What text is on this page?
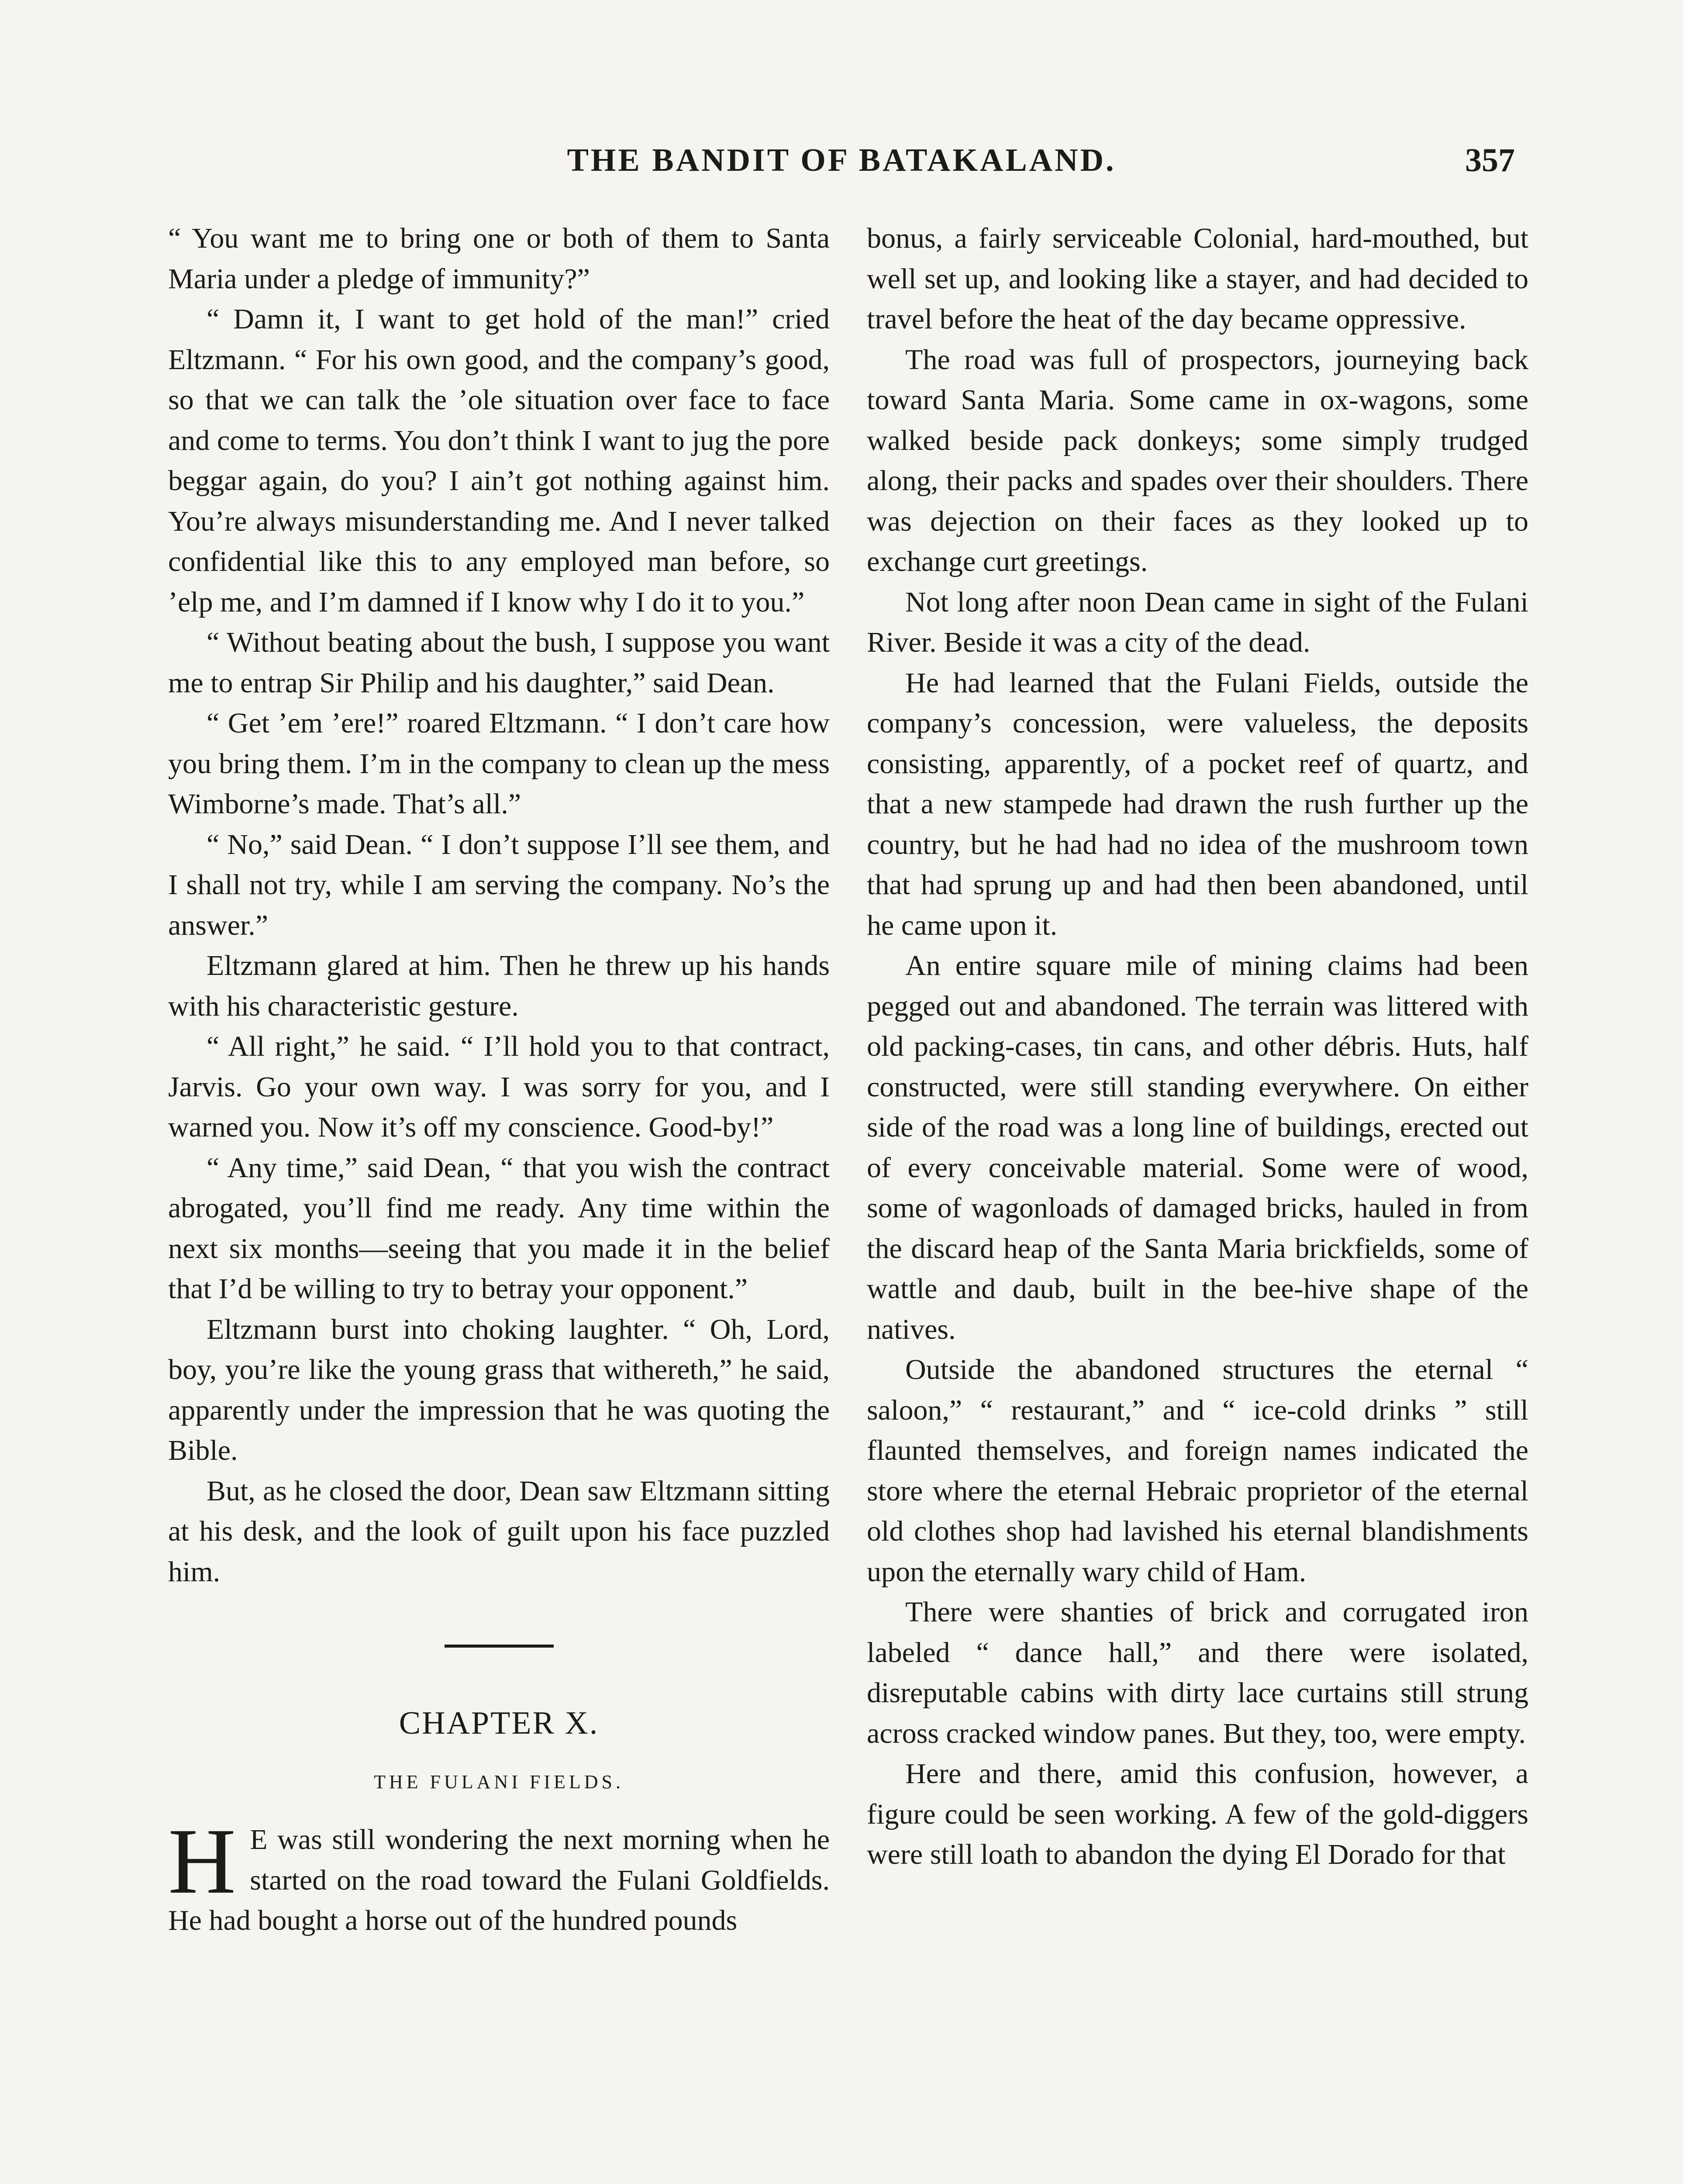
THE BANDIT OF BATAKALAND.	357

“ You want me to bring one or both of them to Santa Maria under a pledge of immunity?”

“ Damn it, I want to get hold of the man!” cried Eltzmann. “ For his own good, and the company’s good, so that we can talk the ’ole situation over face to face and come to terms. You don’t think I want to jug the pore beggar again, do you? I ain’t got nothing against him. You’re always misunderstanding me. And I never talked confidential like this to any employed man before, so ’elp me, and I’m damned if I know why I do it to you.”

“ Without beating about the bush, I suppose you want me to entrap Sir Philip and his daughter,” said Dean.

“ Get ’em ’ere!” roared Eltzmann. “ I don’t care how you bring them. I’m in the company to clean up the mess Wimborne’s made. That’s all.”

“ No,” said Dean. “ I don’t suppose I’ll see them, and I shall not try, while I am serving the company. No’s the answer.”

Eltzmann glared at him. Then he threw up his hands with his characteristic gesture.

“ All right,” he said. “ I’ll hold you to that contract, Jarvis. Go your own way. I was sorry for you, and I warned you. Now it’s off my conscience. Good-by!”

“ Any time,” said Dean, “ that you wish the contract abrogated, you’ll find me ready. Any time within the next six months—seeing that you made it in the belief that I’d be willing to try to betray your opponent.”

Eltzmann burst into choking laughter. “ Oh, Lord, boy, you’re like the young grass that withereth,” he said, apparently under the impression that he was quoting the Bible.

But, as he closed the door, Dean saw Eltzmann sitting at his desk, and the look of guilt upon his face puzzled him.

CHAPTER X.
THE FULANI FIELDS.
H E was still wondering the next morning when he started on the road toward the Fulani Goldfields. He had bought a horse out of the hundred pounds

bonus, a fairly serviceable Colonial, hard-mouthed, but well set up, and looking like a stayer, and had decided to travel before the heat of the day became oppressive.

The road was full of prospectors, journeying back toward Santa Maria. Some came in ox-wagons, some walked beside pack donkeys; some simply trudged along, their packs and spades over their shoulders. There was dejection on their faces as they looked up to exchange curt greetings.

Not long after noon Dean came in sight of the Fulani River. Beside it was a city of the dead.

He had learned that the Fulani Fields, outside the company’s concession, were valueless, the deposits consisting, apparently, of a pocket reef of quartz, and that a new stampede had drawn the rush further up the country, but he had had no idea of the mushroom town that had sprung up and had then been abandoned, until he came upon it.

An entire square mile of mining claims had been pegged out and abandoned. The terrain was littered with old packing-cases, tin cans, and other débris. Huts, half constructed, were still standing everywhere. On either side of the road was a long line of buildings, erected out of every conceivable material. Some were of wood, some of wagonloads of damaged bricks, hauled in from the discard heap of the Santa Maria brickfields, some of wattle and daub, built in the bee-hive shape of the natives.

Outside the abandoned structures the eternal “ saloon,” “ restaurant,” and “ ice-cold drinks ” still flaunted themselves, and foreign names indicated the store where the eternal Hebraic proprietor of the eternal old clothes shop had lavished his eternal blandishments upon the eternally wary child of Ham.

There were shanties of brick and corrugated iron labeled “ dance hall,” and there were isolated, disreputable cabins with dirty lace curtains still strung across cracked window panes. But they, too, were empty.

Here and there, amid this confusion, however, a figure could be seen working. A few of the gold-diggers were still loath to abandon the dying El Dorado for that
